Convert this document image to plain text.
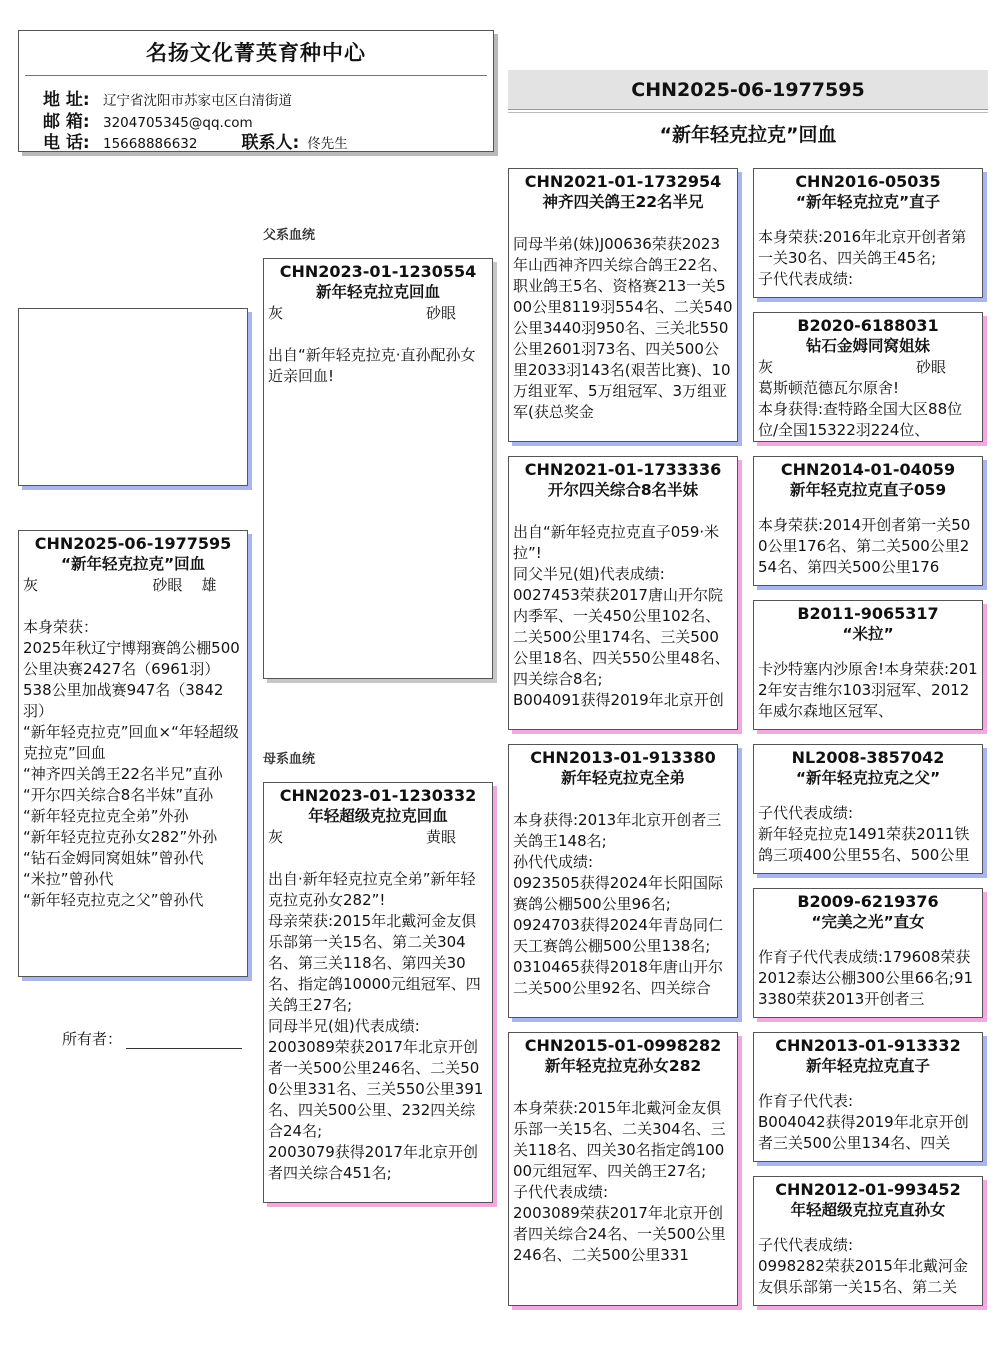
名扬文化菁英育种中心
地 址: 辽宁省沈阳市苏家屯区白清街道
邮 箱: 3204705345@qq.com
电 话: 15668886632	联系人: 佟先生
CHN2025-06-1977595
“新年轻克拉克”回血
父系血统
母系血统
CHN2025-06-1977595
“新年轻克拉克”回血
灰                        砂眼    雄

本身荣获：
2025年秋辽宁博翔赛鸽公棚500公里决赛2427名（6961羽）
538公里加战赛947名（3842羽）
“新年轻克拉克”回血×“年轻超级克拉克”回血
“神齐四关鸽王22名半兄”直孙
“开尔四关综合8名半妹”直孙
“新年轻克拉克全弟”外孙
“新年轻克拉克孙女282”外孙
“钻石金姆同窝姐妹”曾孙代
“米拉”曾孙代
“新年轻克拉克之父”曾孙代
CHN2023-01-1230554
新年轻克拉克回血
灰                              砂眼

出自“新年轻克拉克·直孙配孙女近亲回血!
CHN2023-01-1230332
年轻超级克拉克回血
灰                              黄眼

出自·新年轻克拉克全弟”新年轻克拉克孙女282”!
母亲荣获:2015年北戴河金友俱乐部第一关15名、第二关304名、第三关118名、第四关30名、指定鸽10000元组冠军、四关鸽王27名;
同母半兄(姐)代表成绩:
2003089荣获2017年北京开创者一关500公里246名、二关500公里331名、三关550公里391名、四关500公里、232四关综合24名;
2003079获得2017年北京开创者四关综合451名;
CHN2021-01-1732954
神齐四关鸽王22名半兄

同母半弟(妹)J00636荣获2023年山西神齐四关综合鸽王22名、职业鸽王5名、资格赛213一关500公里8119羽554名、二关540公里3440羽950名、三关北550公里2601羽73名、四关500公里2033羽143名(艰苦比赛)、10万组亚军、5万组冠军、3万组亚军(获总奖金
CHN2021-01-1733336
开尔四关综合8名半妹

出自“新年轻克拉克直子059·米拉”!
同父半兄(姐)代表成绩:
0027453荣获2017唐山开尔院内季军、一关450公里102名、二关500公里174名、三关500公里18名、四关550公里48名、四关综合8名;
B004091获得2019年北京开创
CHN2013-01-913380
新年轻克拉克全弟

本身获得:2013年北京开创者三关鸽王148名;
孙代代成绩:
0923505获得2024年长阳国际赛鸽公棚500公里96名;
0924703获得2024年青岛同仁天工赛鸽公棚500公里138名;
0310465获得2018年唐山开尔二关500公里92名、四关综合
CHN2015-01-0998282
新年轻克拉克孙女282

本身荣获:2015年北戴河金友俱乐部一关15名、二关304名、三关118名、四关30名指定鸽10000元组冠军、四关鸽王27名;
子代代表成绩:
2003089荣获2017年北京开创者四关综合24名、一关500公里246名、二关500公里331
CHN2016-05035
“新年轻克拉克”直子
本身荣获:2016年北京开创者第一关30名、四关鸽王45名;
子代代表成绩:
B2020-6188031
钻石金姆同窝姐妹
灰                              砂眼
葛斯顿范德瓦尔原舍!
本身获得:查特路全国大区88位位/全国15322羽224位、
CHN2014-01-04059
新年轻克拉克直子059
本身荣获:2014开创者第一关500公里176名、第二关500公里254名、第四关500公里176
B2011-9065317
“米拉”
卡沙特塞内沙原舍!本身荣获:2012年安吉维尔103羽冠军、2012年威尔森地区冠军、
NL2008-3857042
“新年轻克拉克之父”
子代代表成绩:
新年轻克拉克1491荣获2011铁鸽三项400公里55名、500公里
B2009-6219376
“完美之光”直女
作育子代代表成绩:179608荣获2012泰达公棚300公里66名;913380荣获2013开创者三
CHN2013-01-913332
新年轻克拉克直子
作育子代代表:
B004042获得2019年北京开创者三关500公里134名、四关
CHN2012-01-993452
年轻超级克拉克直孙女
子代代表成绩:
0998282荣获2015年北戴河金友俱乐部第一关15名、第二关
所有者：
